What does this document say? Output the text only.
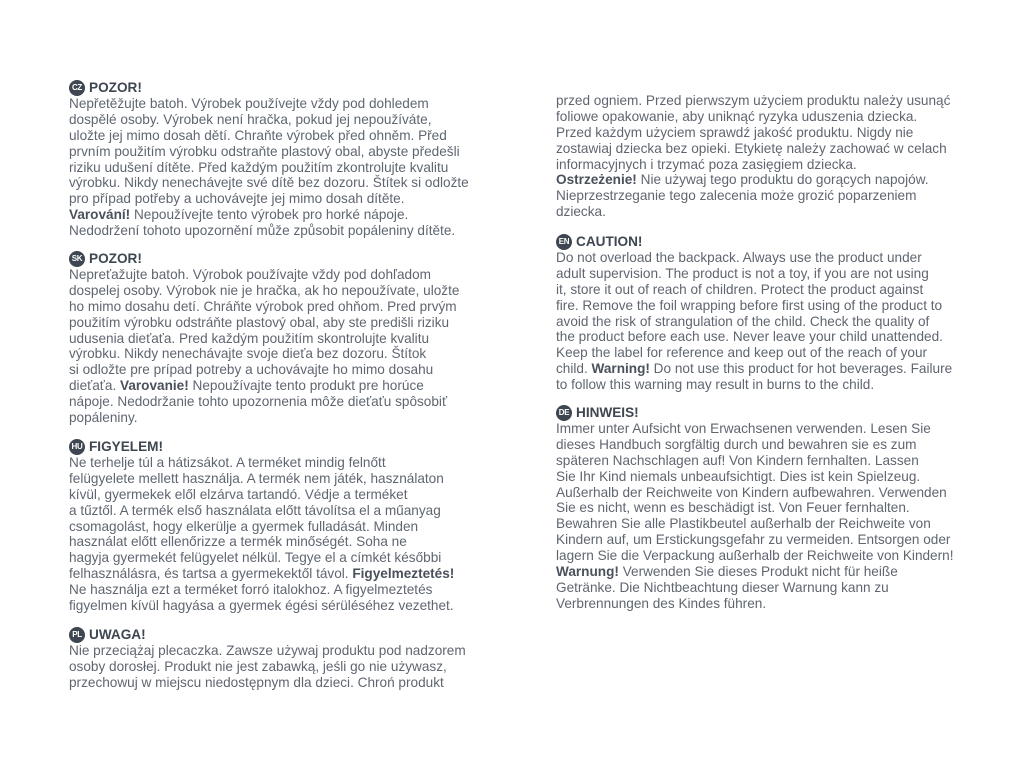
CZ POZOR!
Nepřetěžujte batoh. Výrobek používejte vždy pod dohledem
dospělé osoby. Výrobek není hračka, pokud jej nepoužíváte,
uložte jej mimo dosah dětí. Chraňte výrobek před ohněm. Před
prvním použitím výrobku odstraňte plastový obal, abyste předešli
riziku udušení dítěte. Před každým použitím zkontrolujte kvalitu
výrobku. Nikdy nenechávejte své dítě bez dozoru. Štítek si odložte
pro případ potřeby a uchovávejte jej mimo dosah dítěte.
Varování! Nepoužívejte tento výrobek pro horké nápoje.
Nedodržení tohoto upozornění může způsobit popáleniny dítěte.
SK POZOR!
Nepreťažujte batoh. Výrobok používajte vždy pod dohľadom
dospelej osoby. Výrobok nie je hračka, ak ho nepoužívate, uložte
ho mimo dosahu detí. Chráňte výrobok pred ohňom. Pred prvým
použitím výrobku odstráňte plastový obal, aby ste predišli riziku
udusenia dieťaťa. Pred každým použitím skontrolujte kvalitu
výrobku. Nikdy nenechávajte svoje dieťa bez dozoru. Štítok
si odložte pre prípad potreby a uchovávajte ho mimo dosahu
dieťaťa. Varovanie! Nepoužívajte tento produkt pre horúce
nápoje. Nedodržanie tohto upozornenia môže dieťaťu spôsobiť
popáleniny.
HU FIGYELEM!
Ne terhelje túl a hátizsákot. A terméket mindig felnőtt
felügyelete mellett használja. A termék nem játék, használaton
kívül, gyermekek elől elzárva tartandó. Védje a terméket
a tűztől. A termék első használata előtt távolítsa el a műanyag
csomagolást, hogy elkerülje a gyermek fulladását. Minden
használat előtt ellenőrizze a termék minőségét. Soha ne
hagyja gyermekét felügyelet nélkül. Tegye el a címkét későbbi
felhasználásra, és tartsa a gyermekektől távol. Figyelmeztetés!
Ne használja ezt a terméket forró italokhoz. A figyelmeztetés
figyelmen kívül hagyása a gyermek égési sérüléséhez vezethet.
PL UWAGA!
Nie przeciążaj plecaczka. Zawsze używaj produktu pod nadzorem
osoby dorosłej. Produkt nie jest zabawką, jeśli go nie używasz,
przechowuj w miejscu niedostępnym dla dzieci. Chroń produkt
przed ogniem. Przed pierwszym użyciem produktu należy usunąć
foliowe opakowanie, aby uniknąć ryzyka uduszenia dziecka.
Przed każdym użyciem sprawdź jakość produktu. Nigdy nie
zostawiaj dziecka bez opieki. Etykietę należy zachować w celach
informacyjnych i trzymać poza zasięgiem dziecka.
Ostrzeżenie! Nie używaj tego produktu do gorących napojów.
Nieprzestrzeganie tego zalecenia może grozić poparzeniem
dziecka.
EN CAUTION!
Do not overload the backpack. Always use the product under
adult supervision. The product is not a toy, if you are not using
it, store it out of reach of children. Protect the product against
fire. Remove the foil wrapping before first using of the product to
avoid the risk of strangulation of the child. Check the quality of
the product before each use. Never leave your child unattended.
Keep the label for reference and keep out of the reach of your
child. Warning! Do not use this product for hot beverages. Failure
to follow this warning may result in burns to the child.
DE HINWEIS!
Immer unter Aufsicht von Erwachsenen verwenden. Lesen Sie
dieses Handbuch sorgfältig durch und bewahren sie es zum
späteren Nachschlagen auf! Von Kindern fernhalten. Lassen
Sie Ihr Kind niemals unbeaufsichtigt. Dies ist kein Spielzeug.
Außerhalb der Reichweite von Kindern aufbewahren. Verwenden
Sie es nicht, wenn es beschädigt ist. Von Feuer fernhalten.
Bewahren Sie alle Plastikbeutel außerhalb der Reichweite von
Kindern auf, um Erstickungsgefahr zu vermeiden. Entsorgen oder
lagern Sie die Verpackung außerhalb der Reichweite von Kindern!
Warnung! Verwenden Sie dieses Produkt nicht für heiße
Getränke. Die Nichtbeachtung dieser Warnung kann zu
Verbrennungen des Kindes führen.
